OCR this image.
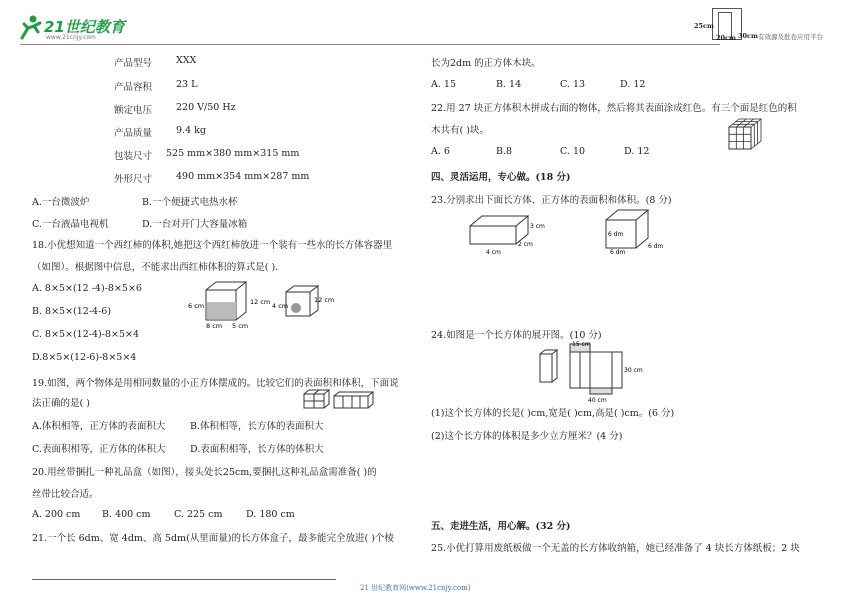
21世纪教育
www.21cnjy.com
25cm
20cm 30cm 有效源及批卷应用平台
产品型号	XXX
产品容积	23 L
额定电压	220 V/50 Hz
产品质量	9.4 kg
包装尺寸 525 mm×380 mm×315 mm
外形尺寸	490 mm×354 mm×287 mm
A.一台微波炉	B.一个便捷式电热水杯
C.一台液晶电视机	D.一台对开门大容量冰箱
18.小优想知道一个西红柿的体积,她把这个西红柿放进一个装有一些水的长方体容器里
（如图）。根据图中信息，不能求出西红柿体积的算式是( ).
A. 8×5×(12 -4)-8×5×6
B. 8×5×(12-4-6)
C. 8×5×(12-4)-8×5×4
D.8×5×(12-6)-8×5×4
6 cm	12 cm
8 cm 5 cm
4 cm
12 cm
19.如图，两个物体是用相同数量的小正方体摆成的。比较它们的表面积和体积，下面说
法正确的是( )
A.体积相等，正方体的表面积大	B.体积相等，长方体的表面积大
C.表面积相等，正方体的体积大	D.表面积相等，长方体的体积大
20.用丝带捆扎一种礼品盒（如图），接头处长25cm,要捆扎这种礼品盒需准备( )的
丝带比较合适。
A. 200 cm B. 400 cm C. 225 cm D. 180 cm
21.一个长 6dm、宽 4dm、高 5dm(从里面量)的长方体盒子，最多能完全放进( )个棱
21 世纪教育网(www.21cnjy.com)
长为2dm 的正方体木块。
A. 15	B. 14	C. 13	D. 12
22.用 27 块正方体积木拼成右面的物体，然后将其表面涂成红色。有三个面是红色的积
木共有( )块。
A. 6	B.8	C. 10	D. 12
四、灵活运用，专心做。(18 分)
23.分别求出下面长方体、正方体的表面积和体积。(8 分)
3 cm
4 cm
2 cm
6 dm
6 dm
6 dm
24.如图是一个长方体的展开图。(10 分)
15 cm
30 cm
40 cm
(1)这个长方体的长是( )cm,宽是( )cm,高是( )cm。(6 分)
(2)这个长方体的体积是多少立方厘米？(4 分)
五、走进生活，用心解。(32 分)
25.小优打算用废纸板做一个无盖的长方体收纳箱，她已经准备了 4 块长方体纸板；2 块
